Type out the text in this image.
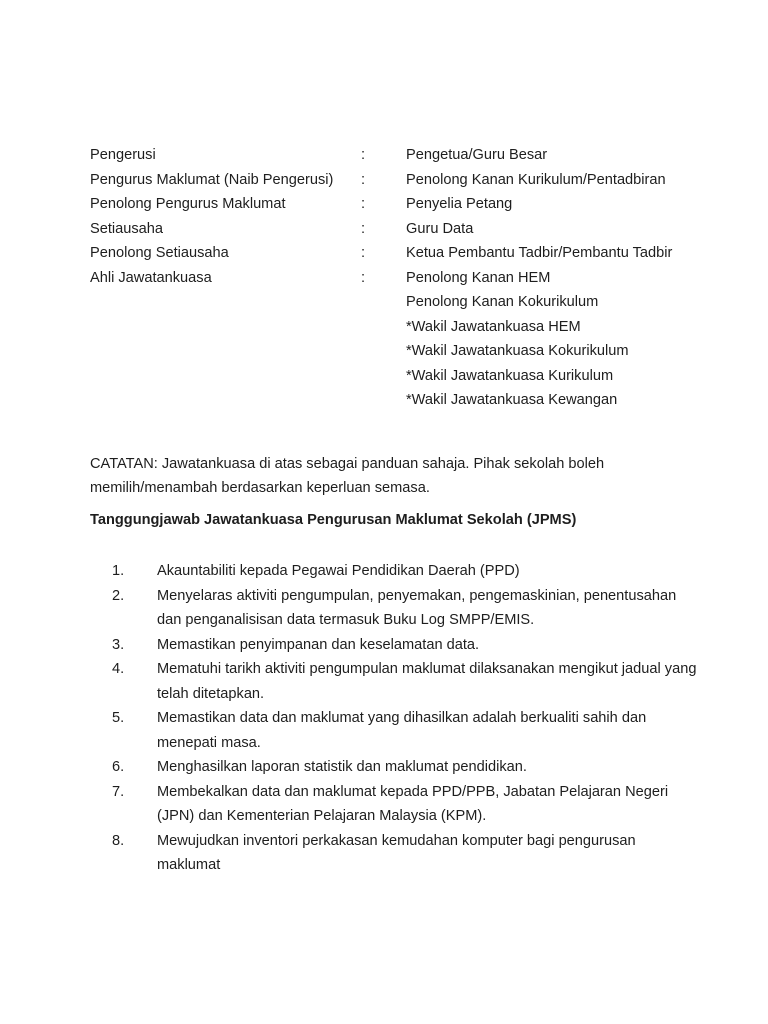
Pengerusi	:	Pengetua/Guru Besar
Pengurus Maklumat (Naib Pengerusi) :	Penolong Kanan Kurikulum/Pentadbiran
Penolong Pengurus Maklumat	:	Penyelia Petang
Setiausaha	:	Guru Data
Penolong Setiausaha	:	Ketua Pembantu Tadbir/Pembantu Tadbir
Ahli Jawatankuasa	:	Penolong Kanan HEM
Penolong Kanan Kokurikulum
*Wakil Jawatankuasa HEM
*Wakil Jawatankuasa Kokurikulum
*Wakil Jawatankuasa Kurikulum
*Wakil Jawatankuasa Kewangan

CATATAN: Jawatankuasa di atas sebagai panduan sahaja. Pihak sekolah boleh memilih/menambah berdasarkan keperluan semasa.

Tanggungjawab Jawatankuasa Pengurusan Maklumat Sekolah (JPMS)
1. Akauntabiliti kepada Pegawai Pendidikan Daerah (PPD)
2. Menyelaras aktiviti pengumpulan, penyemakan, pengemaskinian, penentusahan dan penganalisisan data termasuk Buku Log SMPP/EMIS.
3. Memastikan penyimpanan dan keselamatan data.
4. Mematuhi tarikh aktiviti pengumpulan maklumat dilaksanakan mengikut jadual yang telah ditetapkan.
5. Memastikan data dan maklumat yang dihasilkan adalah berkualiti sahih dan menepati masa.
6. Menghasilkan laporan statistik dan maklumat pendidikan.
7. Membekalkan data dan maklumat kepada PPD/PPB, Jabatan Pelajaran Negeri (JPN) dan Kementerian Pelajaran Malaysia (KPM).
8. Mewujudkan inventori perkakasan kemudahan komputer bagi pengurusan maklumat
